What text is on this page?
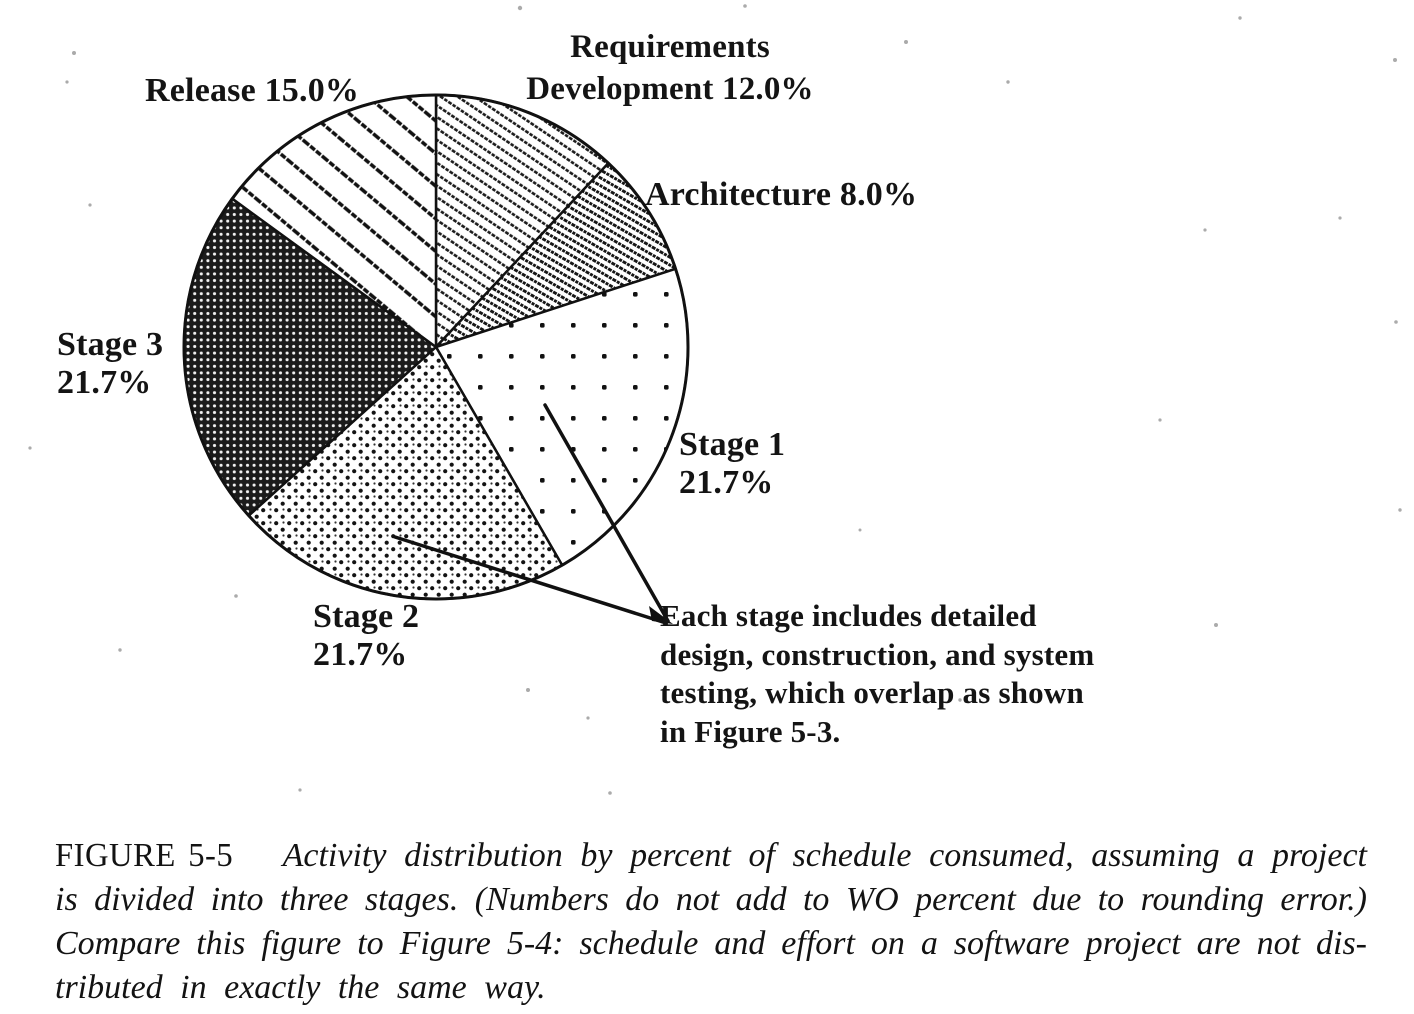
Requirements
Development 12.0%
Architecture 8.0%
Release 15.0%
Stage 3
21.7%
Stage 1
21.7%
Stage 2
21.7%
Each stage includes detailed
design, construction, and system
testing, which overlap as shown
in Figure 5-3.
FIGURE 5-5 Activity distribution by percent of schedule consumed, assuming a project
is divided into three stages. (Numbers do not add to WO percent due to rounding error.)
Compare this figure to Figure 5-4: schedule and effort on a software project are not dis-
tributed in exactly the same way.
